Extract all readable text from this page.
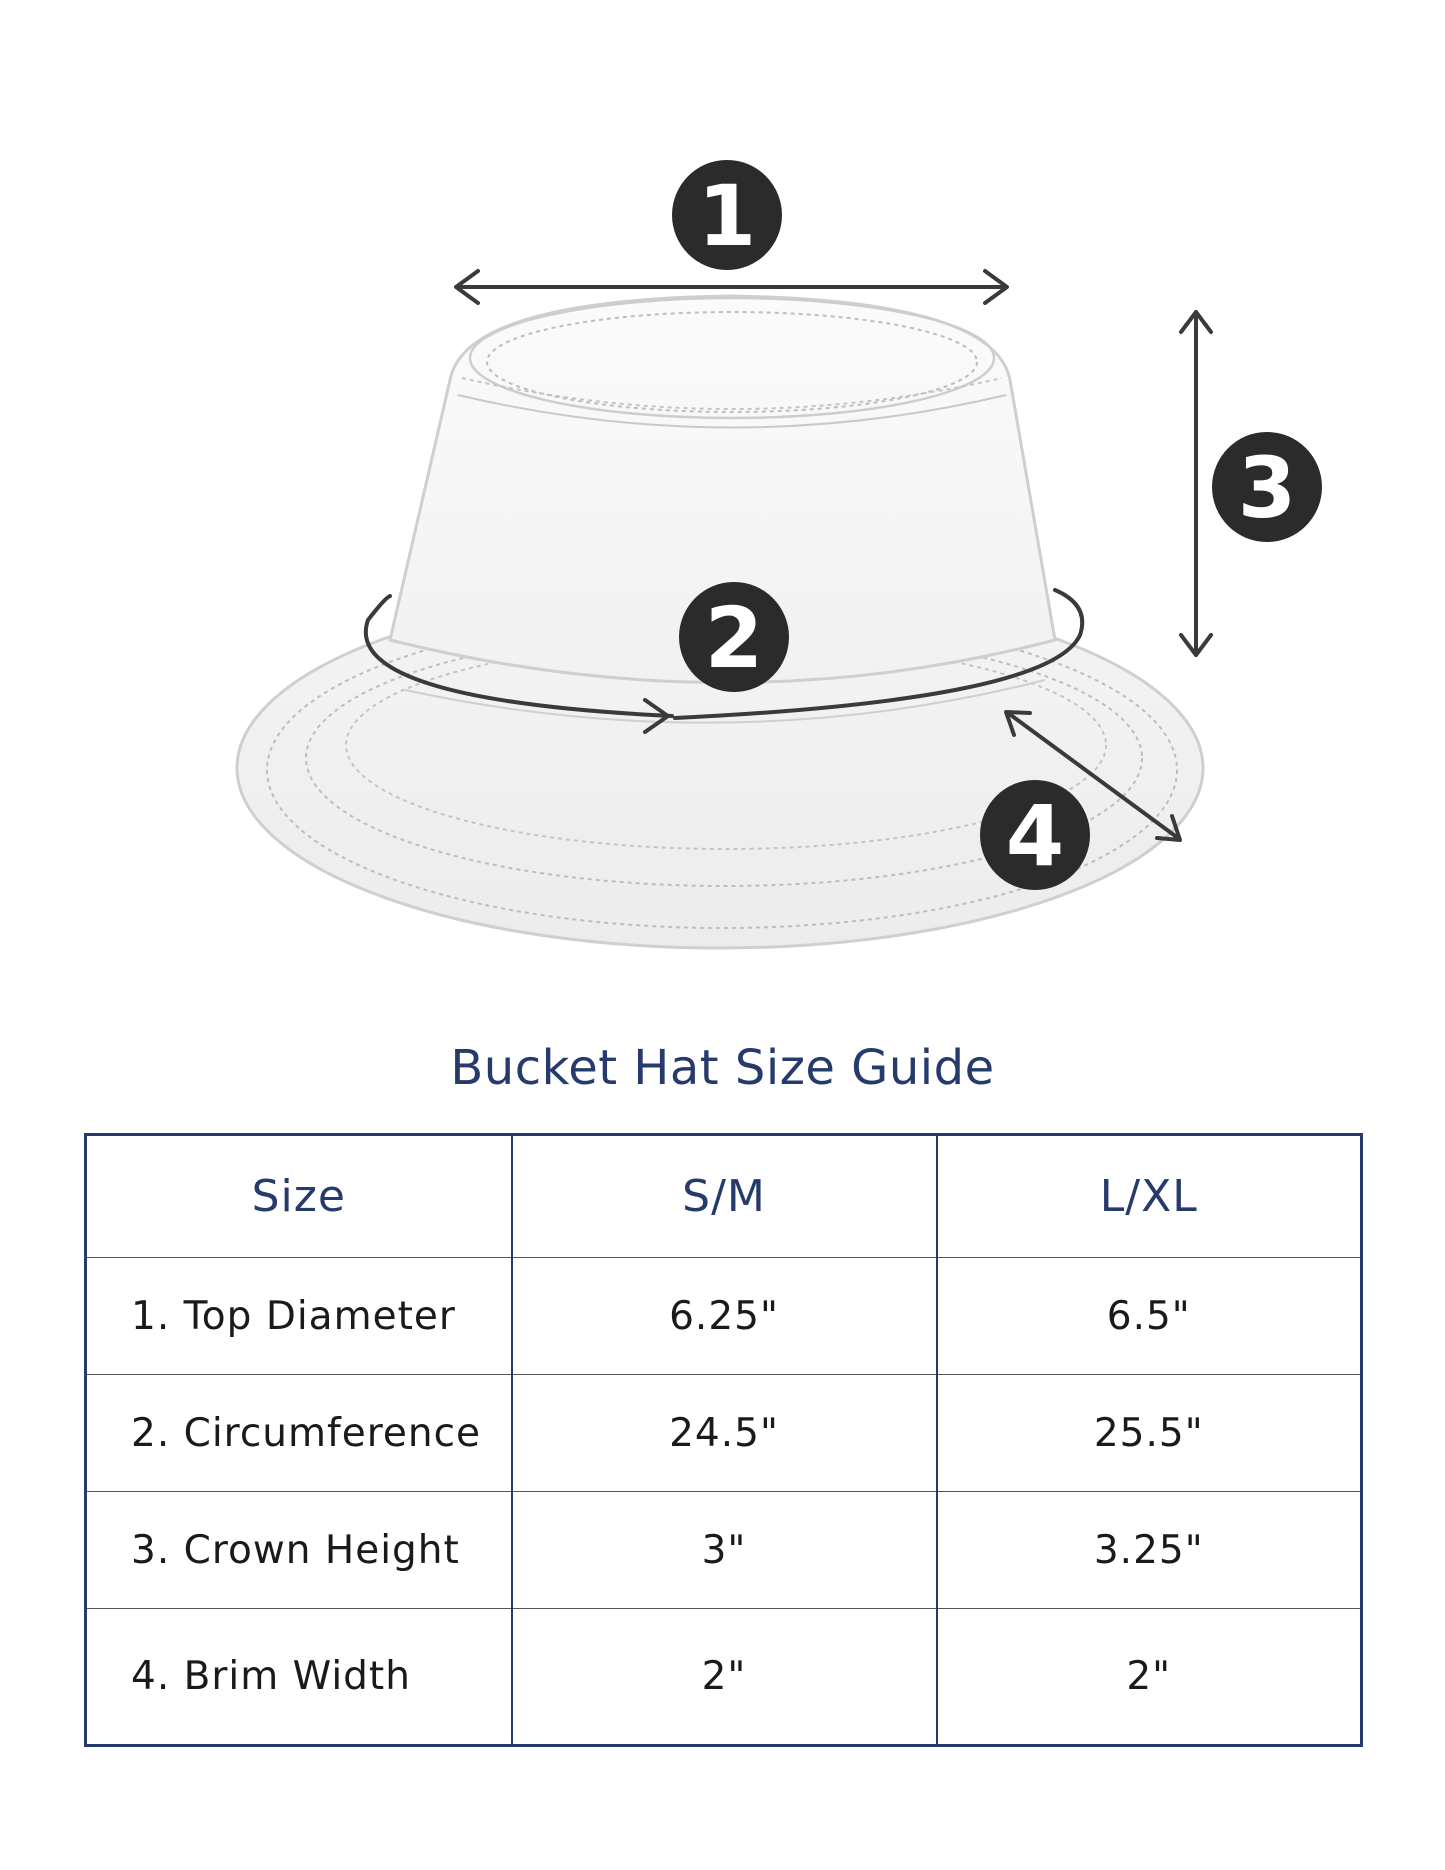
1
2
3
4
Bucket Hat Size Guide
Size	S/M	L/XL
1. Top Diameter	6.25"	6.5"
2. Circumference	24.5"	25.5"
3. Crown Height	3"	3.25"
4. Brim Width	2"	2"
